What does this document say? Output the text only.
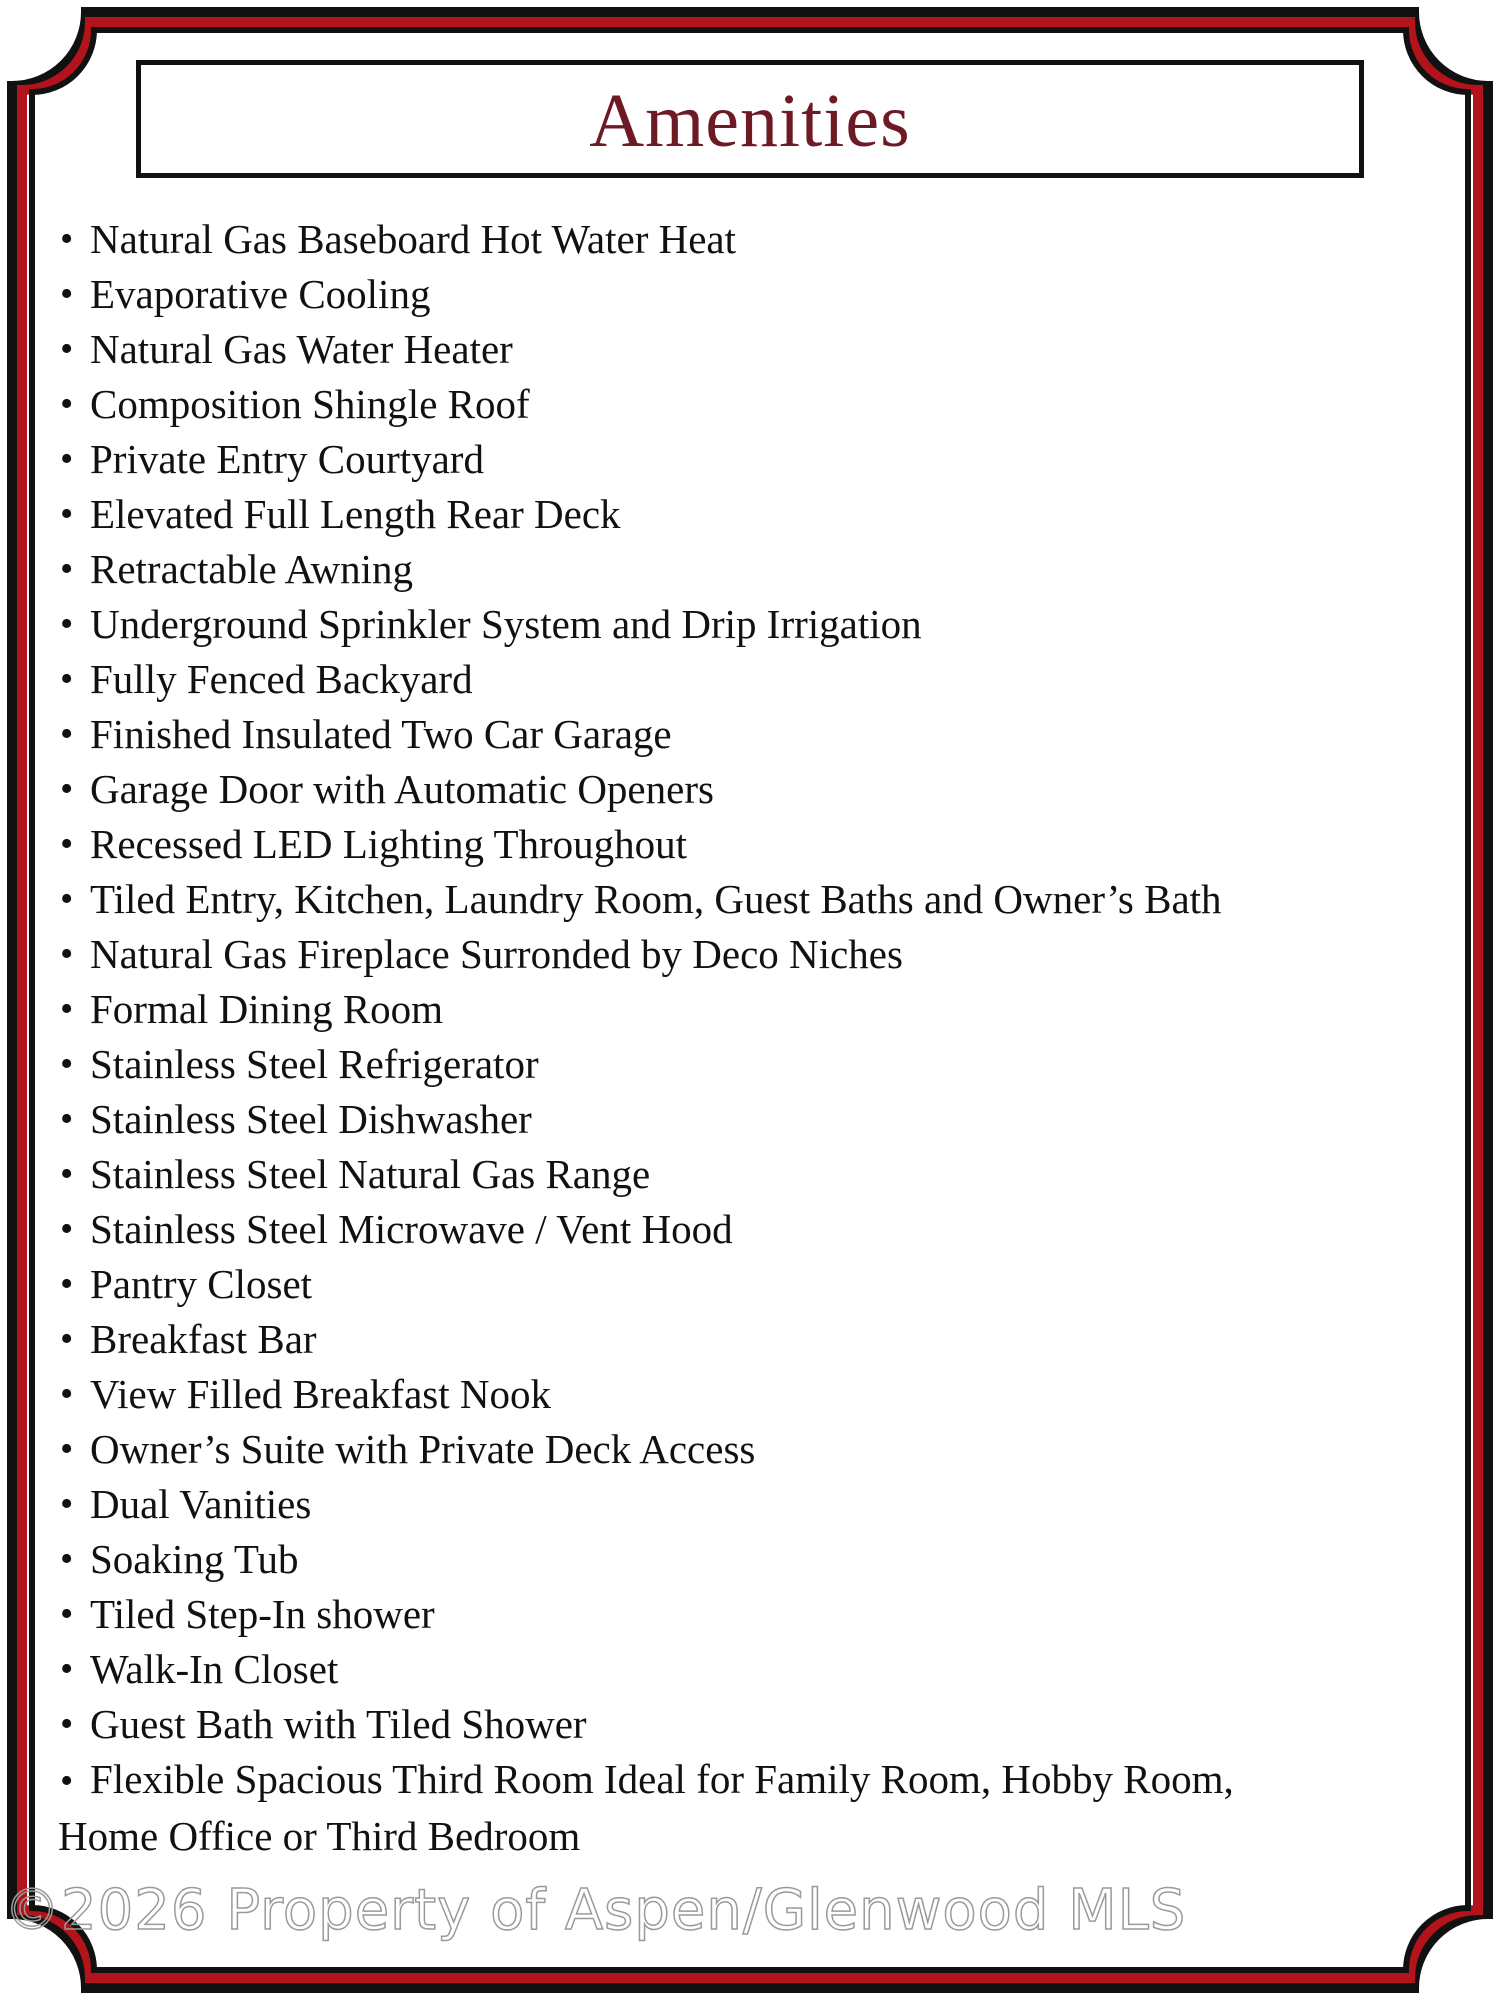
Amenities
• Natural Gas Baseboard Hot Water Heat
• Evaporative Cooling
• Natural Gas Water Heater
• Composition Shingle Roof
• Private Entry Courtyard
• Elevated Full Length Rear Deck
• Retractable Awning
• Underground Sprinkler System and Drip Irrigation
• Fully Fenced Backyard
• Finished Insulated Two Car Garage
• Garage Door with Automatic Openers
• Recessed LED Lighting Throughout
• Tiled Entry, Kitchen, Laundry Room, Guest Baths and Owner’s Bath
• Natural Gas Fireplace Surronded by Deco Niches
• Formal Dining Room
• Stainless Steel Refrigerator
• Stainless Steel Dishwasher
• Stainless Steel Natural Gas Range
• Stainless Steel Microwave / Vent Hood
• Pantry Closet
• Breakfast Bar
• View Filled Breakfast Nook
• Owner’s Suite with Private Deck Access
• Dual Vanities
• Soaking Tub
• Tiled Step-In shower
• Walk-In Closet
• Guest Bath with Tiled Shower
• Flexible Spacious Third Room Ideal for Family Room, Hobby Room,
Home Office or Third Bedroom
©2026 Property of Aspen/Glenwood MLS
